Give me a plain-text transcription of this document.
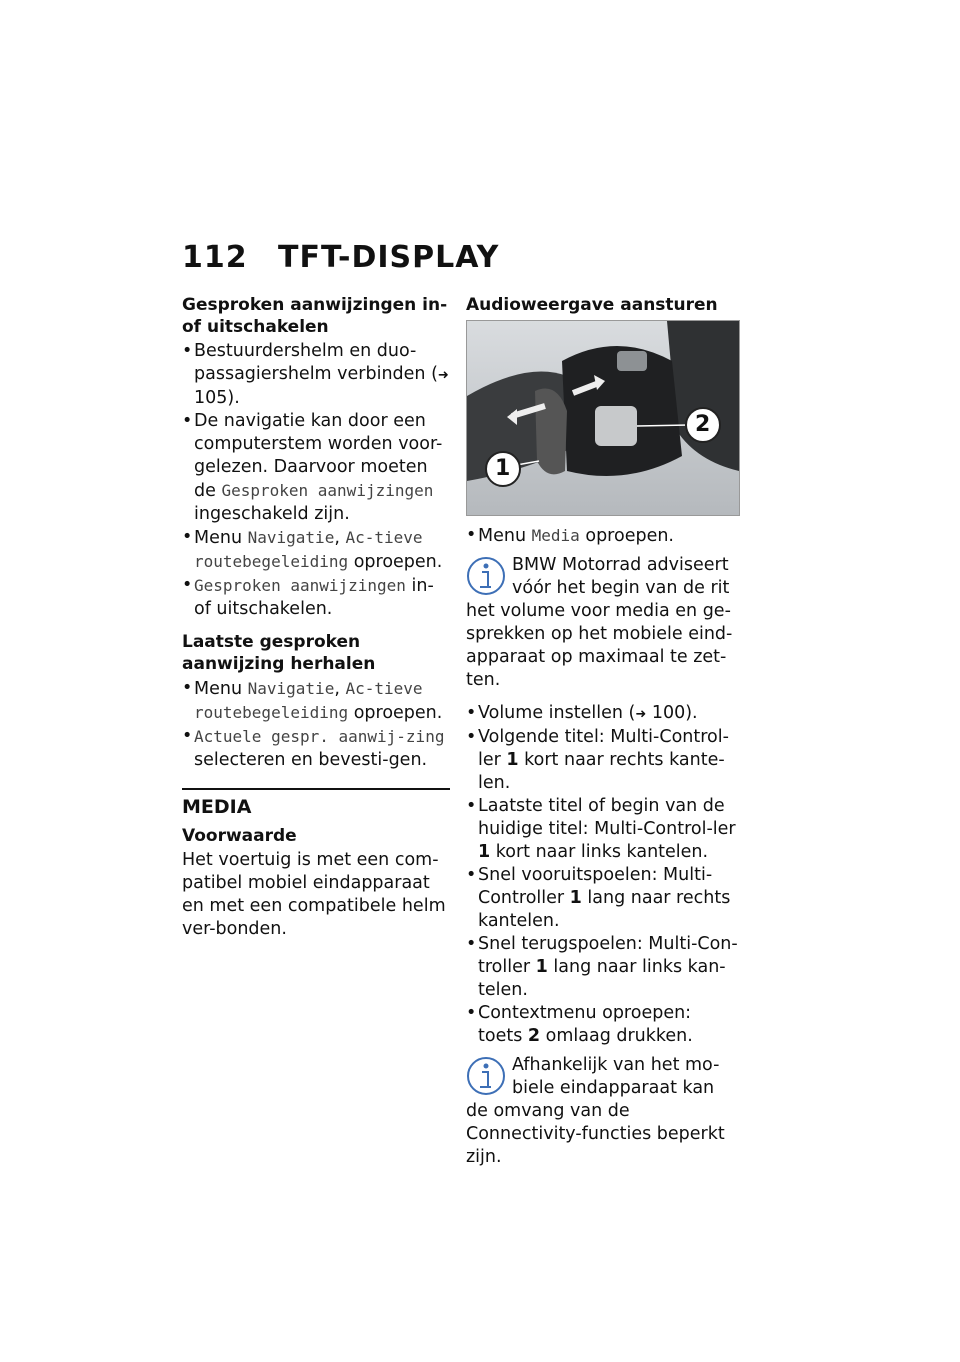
112 TFT-DISPLAY
Gesproken aanwijzingen in- of uitschakelen
• Bestuurdershelm en duo-passagiershelm verbinden (➜ 105).
• De navigatie kan door een computerstem worden voor-gelezen. Daarvoor moeten de Gesproken aanwijzingen ingeschakeld zijn.
• Menu Navigatie, Ac-tieve routebegeleiding oproepen.
• Gesproken aanwijzingen in- of uitschakelen.
Laatste gesproken aanwijzing herhalen
• Menu Navigatie, Ac-tieve routebegeleiding oproepen.
• Actuele gespr. aanwij-zing selecteren en bevesti-gen.
MEDIA
Voorwaarde

Het voertuig is met een com-patibel mobiel eindapparaat en met een compatibele helm ver-bonden.

Audioweergave aansturen
1
2
• Menu Media oproepen.

BMW Motorrad adviseert vóór het begin van de rit het volume voor media en ge-sprekken op het mobiele eind-apparaat op maximaal te zet-ten.

• Volume instellen (➜ 100).
• Volgende titel: Multi-Control-ler 1 kort naar rechts kante-len.
• Laatste titel of begin van de huidige titel: Multi-Control-ler 1 kort naar links kantelen.
• Snel vooruitspoelen: Multi-Controller 1 lang naar rechts kantelen.
• Snel terugspoelen: Multi-Con-troller 1 lang naar links kan-telen.
• Contextmenu oproepen: toets 2 omlaag drukken.

Afhankelijk van het mo-biele eindapparaat kan de omvang van de Connectivity-functies beperkt zijn.
